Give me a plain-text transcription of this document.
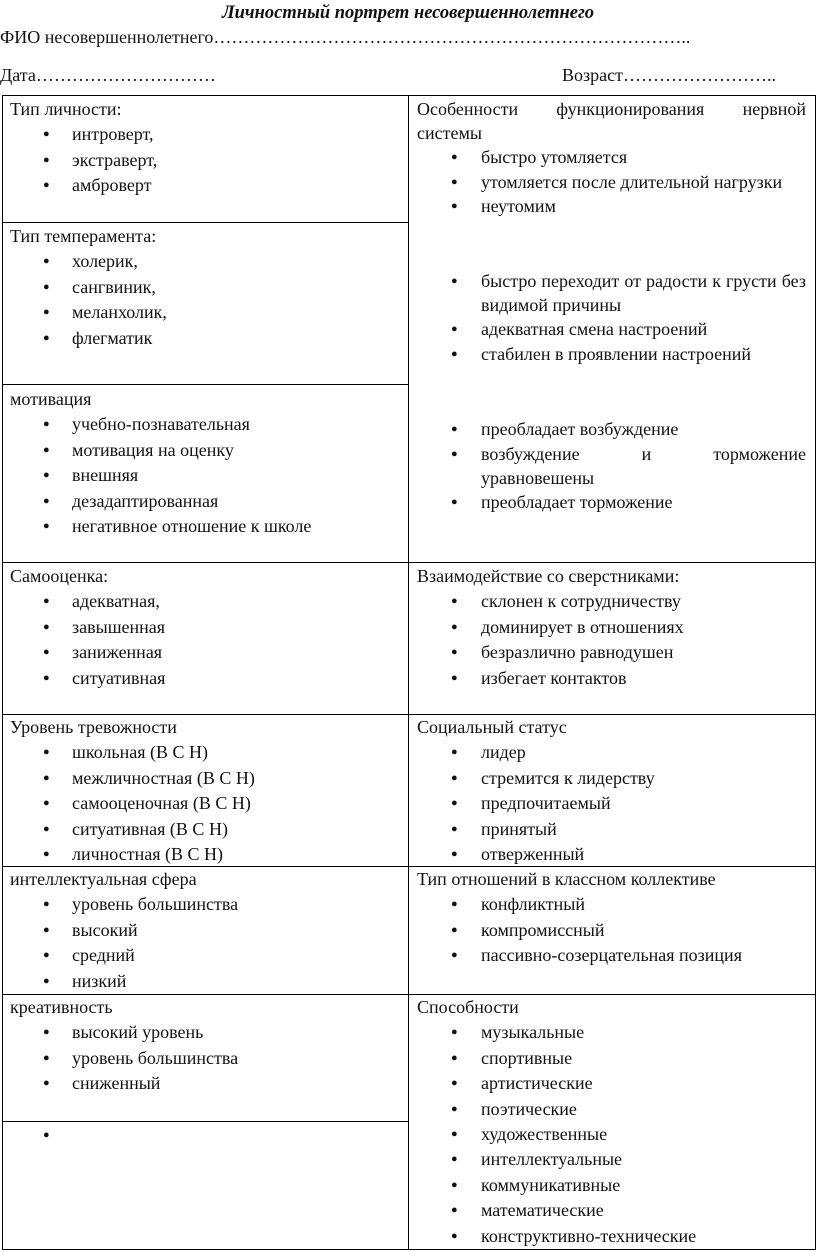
Личностный портрет несовершеннолетнего
ФИО несовершеннолетнего……………………………………………………………………..
Дата…………………………	Возраст……………………..
Тип личности:
● интроверт,
● экстраверт,
● амброверт
Тип темперамента:
● холерик,
● сангвиник,
● меланхолик,
● флегматик
мотивация
● учебно-познавательная
● мотивация на оценку
● внешняя
● дезадаптированная
● негативное отношение к школе
Самооценка:
● адекватная,
● завышенная
● заниженная
● ситуативная
Уровень тревожности
● школьная (В С Н)
● межличностная (В С Н)
● самооценочная (В С Н)
● ситуативная (В С Н)
● личностная (В С Н)
интеллектуальная сфера
● уровень большинства
● высокий
● средний
● низкий
креативность
● высокий уровень
● уровень большинства
● сниженный
Особенности функционирования нервной системы
● быстро утомляется
● утомляется после длительной нагрузки
● неутомим
● быстро переходит от радости к грусти без видимой причины
● адекватная смена настроений
● стабилен в проявлении настроений
● преобладает возбуждение
● возбуждение и торможение уравновешены
● преобладает торможение
Взаимодействие со сверстниками:
● склонен к сотрудничеству
● доминирует в отношениях
● безразлично равнодушен
● избегает контактов
Социальный статус
● лидер
● стремится к лидерству
● предпочитаемый
● принятый
● отверженный
Тип отношений в классном коллективе
● конфликтный
● компромиссный
● пассивно-созерцательная позиция
Способности
● музыкальные
● спортивные
● артистические
● поэтические
● художественные
● интеллектуальные
● коммуникативные
● математические
● конструктивно-технические
